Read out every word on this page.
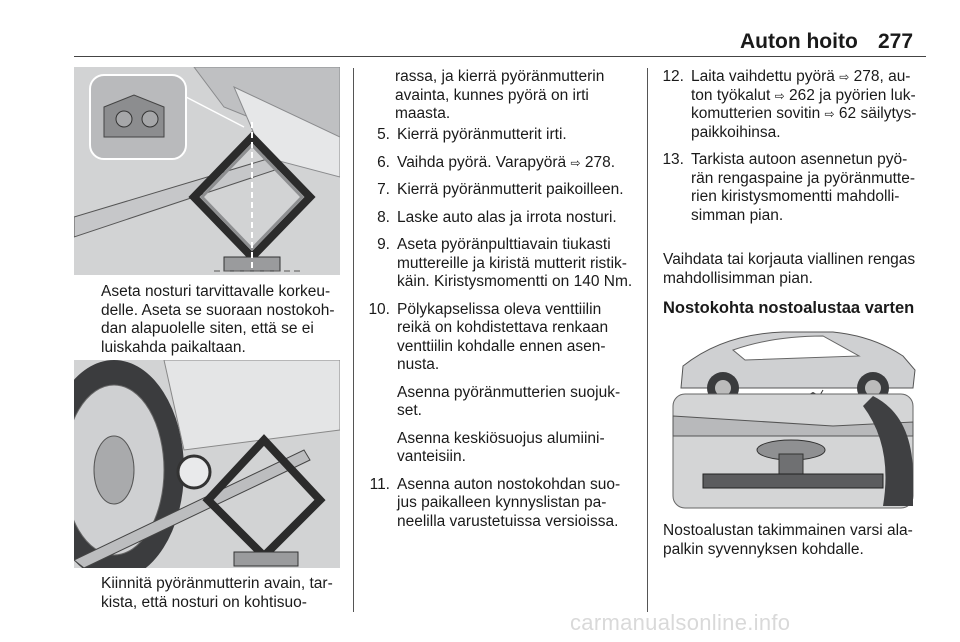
Auton hoito 277
Aseta nosturi tarvittavalle korkeu-delle. Aseta se suoraan nostokoh-dan alapuolelle siten, että se ei luiskahda paikaltaan.
Kiinnitä pyöränmutterin avain, tar-kista, että nosturi on kohtisuo-
rassa, ja kierrä pyöränmutterin avainta, kunnes pyörä on irti maasta.
5. Kierrä pyöränmutterit irti.
6. Vaihda pyörä. Varapyörä ⇨ 278.
7. Kierrä pyöränmutterit paikoilleen.
8. Laske auto alas ja irrota nosturi.
9. Aseta pyöränpulttiavain tiukasti muttereille ja kiristä mutterit ristik-käin. Kiristysmomentti on 140 Nm.
10. Pölykapselissa oleva venttiilin reikä on kohdistettava renkaan venttiilin kohdalle ennen asen-nusta.
Asenna pyöränmutterien suojuk-set.
Asenna keskiösuojus alumiini-vanteisiin.
11. Asenna auton nostokohdan suo-jus paikalleen kynnyslistan pa-neelilla varustetuissa versioissa.
12. Laita vaihdettu pyörä ⇨ 278, au-ton työkalut ⇨ 262 ja pyörien luk-komutterien sovitin ⇨ 62 säilytys-paikkoihinsa.
13. Tarkista autoon asennetun pyö-rän rengaspaine ja pyöränmutte-rien kiristysmomentti mahdolli-simman pian.
Vaihdata tai korjauta viallinen rengas mahdollisimman pian.
Nostokohta nostoalustaa varten
Nostoalustan takimmainen varsi ala-palkin syvennyksen kohdalle.
carmanualsonline.info
